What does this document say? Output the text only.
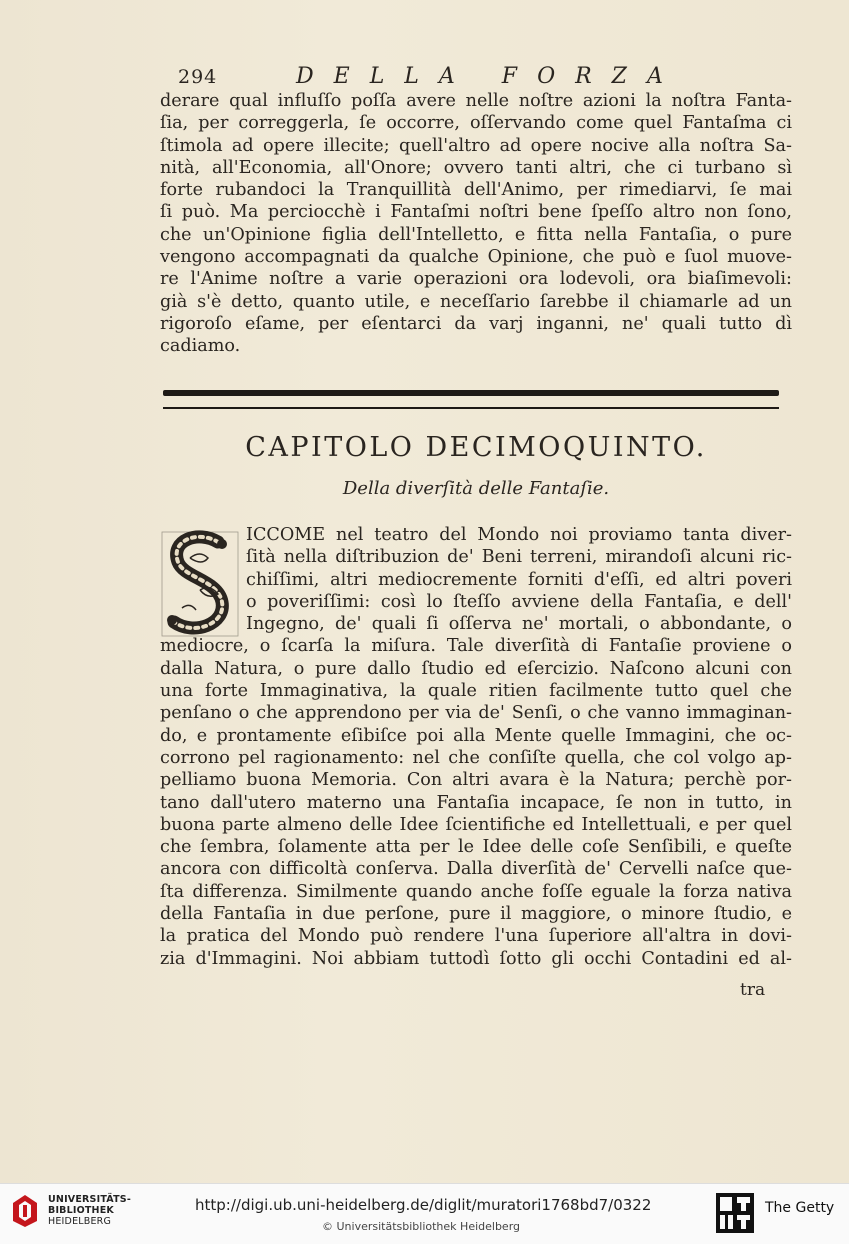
294	DELLA FORZA
derare qual influſſo poſſa avere nelle noſtre azioni la noſtra Fanta-
ſia, per correggerla, ſe occorre, oſſervando come quel Fantaſma ci
ſtimola ad opere illecite; quell'altro ad opere nocive alla noſtra Sa-
nità, all'Economia, all'Onore; ovvero tanti altri, che ci turbano sì
forte rubandoci la Tranquillità dell'Animo, per rimediarvi, ſe mai
ſi può. Ma perciocchè i Fantaſmi noſtri bene ſpeſſo altro non ſono,
che un'Opinione figlia dell'Intelletto, e fitta nella Fantaſia, o pure
vengono accompagnati da qualche Opinione, che può e ſuol muove-
re l'Anime noſtre a varie operazioni ora lodevoli, ora biaſimevoli:
già s'è detto, quanto utile, e neceſſario ſarebbe il chiamarle ad un
rigoroſo eſame, per eſentarci da varj inganni, ne' quali tutto dì
cadiamo.
CAPITOLO DECIMOQUINTO.
Della diverſità delle Fantaſie.
ICCOME nel teatro del Mondo noi proviamo tanta diver-
ſità nella diſtribuzion de' Beni terreni, mirandoſi alcuni ric-
chiſſimi, altri mediocremente forniti d'eſſi, ed altri poveri
o poveriſſimi: così lo ſteſſo avviene della Fantaſia, e dell'
Ingegno, de' quali ſi oſſerva ne' mortali, o abbondante, o
mediocre, o ſcarſa la miſura. Tale diverſità di Fantaſie proviene o
dalla Natura, o pure dallo ſtudio ed eſercizio. Naſcono alcuni con
una forte Immaginativa, la quale ritien facilmente tutto quel che
penſano o che apprendono per via de' Senſi, o che vanno immaginan-
do, e prontamente eſibiſce poi alla Mente quelle Immagini, che oc-
corrono pel ragionamento: nel che conſiſte quella, che col volgo ap-
pelliamo buona Memoria. Con altri avara è la Natura; perchè por-
tano dall'utero materno una Fantaſia incapace, ſe non in tutto, in
buona parte almeno delle Idee ſcientifiche ed Intellettuali, e per quel
che ſembra, ſolamente atta per le Idee delle coſe Senſibili, e queſte
ancora con difficoltà conſerva. Dalla diverſità de' Cervelli naſce que-
ſta differenza. Similmente quando anche foſſe eguale la forza nativa
della Fantaſia in due perſone, pure il maggiore, o minore ſtudio, e
la pratica del Mondo può rendere l'una ſuperiore all'altra in dovi-
zia d'Immagini. Noi abbiam tuttodì ſotto gli occhi Contadini ed al-
tra
UNIVERSITÄTS-
BIBLIOTHEK
HEIDELBERG
http://digi.ub.uni-heidelberg.de/diglit/muratori1768bd7/0322
© Universitätsbibliothek Heidelberg
The Getty
